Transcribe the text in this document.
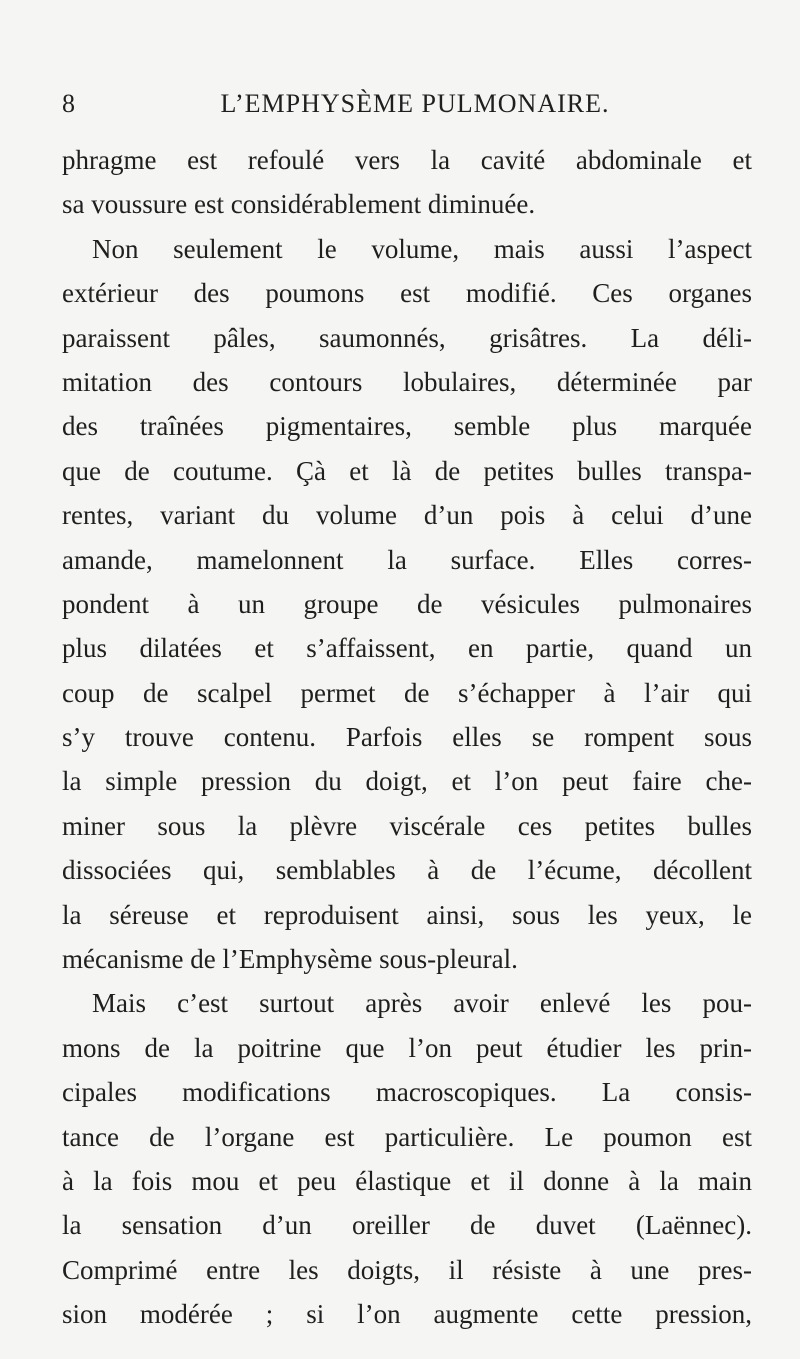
8	L’EMPHYSÈME PULMONAIRE.
phragme est refoulé vers la cavité abdominale et
sa voussure est considérablement diminuée.
Non seulement le volume, mais aussi l’aspect
extérieur des poumons est modifié. Ces organes
paraissent pâles, saumonnés, grisâtres. La déli-
mitation des contours lobulaires, déterminée par
des traînées pigmentaires, semble plus marquée
que de coutume. Çà et là de petites bulles transpa-
rentes, variant du volume d’un pois à celui d’une
amande, mamelonnent la surface. Elles corres-
pondent à un groupe de vésicules pulmonaires
plus dilatées et s’affaissent, en partie, quand un
coup de scalpel permet de s’échapper à l’air qui
s’y trouve contenu. Parfois elles se rompent sous
la simple pression du doigt, et l’on peut faire che-
miner sous la plèvre viscérale ces petites bulles
dissociées qui, semblables à de l’écume, décollent
la séreuse et reproduisent ainsi, sous les yeux, le
mécanisme de l’Emphysème sous-pleural.
Mais c’est surtout après avoir enlevé les pou-
mons de la poitrine que l’on peut étudier les prin-
cipales modifications macroscopiques. La consis-
tance de l’organe est particulière. Le poumon est
à la fois mou et peu élastique et il donne à la main
la sensation d’un oreiller de duvet (Laënnec).
Comprimé entre les doigts, il résiste à une pres-
sion modérée ; si l’on augmente cette pression,
